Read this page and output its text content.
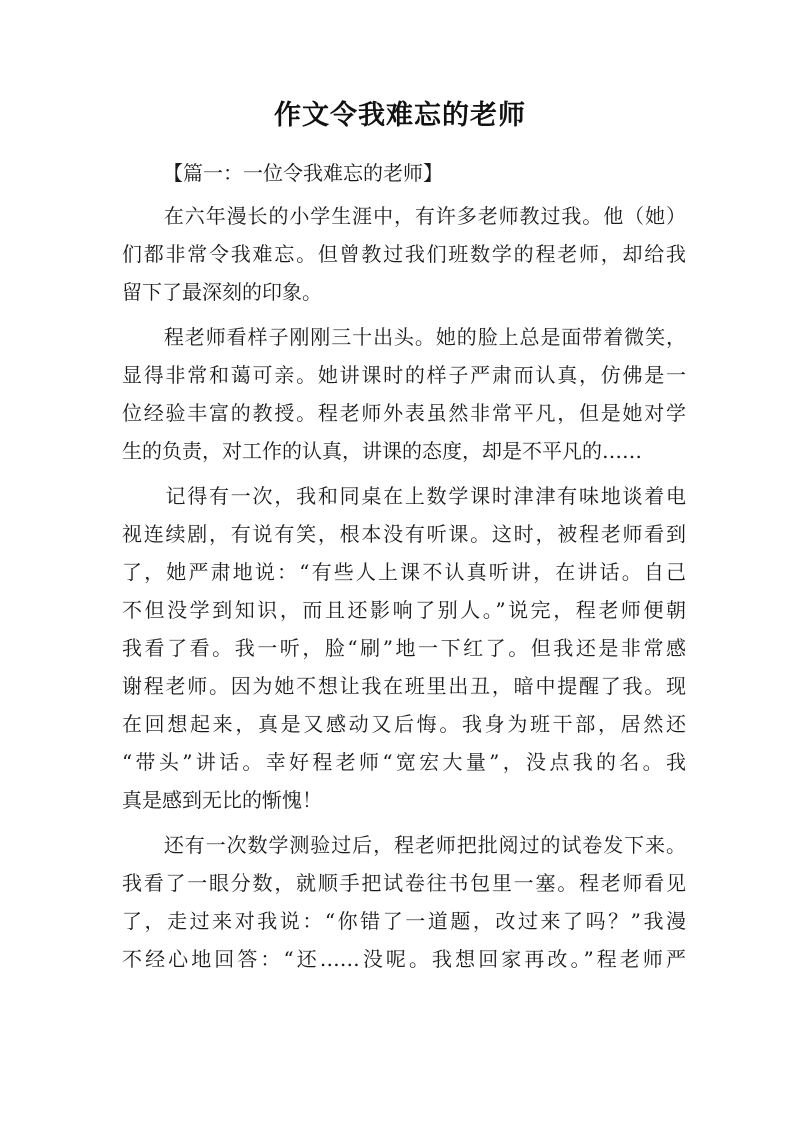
作文令我难忘的老师
【篇一：一位令我难忘的老师】
　　在六年漫长的小学生涯中，有许多老师教过我。他（她）
们都非常令我难忘。但曾教过我们班数学的程老师，却给我
留下了最深刻的印象。
　　程老师看样子刚刚三十出头。她的脸上总是面带着微笑，
显得非常和蔼可亲。她讲课时的样子严肃而认真，仿佛是一
位经验丰富的教授。程老师外表虽然非常平凡，但是她对学
生的负责，对工作的认真，讲课的态度，却是不平凡的……
　　记得有一次，我和同桌在上数学课时津津有味地谈着电
视连续剧，有说有笑，根本没有听课。这时，被程老师看到
了，她严肃地说：“有些人上课不认真听讲，在讲话。自己
不但没学到知识，而且还影响了别人。”说完，程老师便朝
我看了看。我一听，脸“刷”地一下红了。但我还是非常感
谢程老师。因为她不想让我在班里出丑，暗中提醒了我。现
在回想起来，真是又感动又后悔。我身为班干部，居然还
“带头”讲话。幸好程老师“宽宏大量”，没点我的名。我
真是感到无比的惭愧！
　　还有一次数学测验过后，程老师把批阅过的试卷发下来。
我看了一眼分数，就顺手把试卷往书包里一塞。程老师看见
了，走过来对我说：“你错了一道题，改过来了吗？”我漫
不经心地回答：“还……没呢。我想回家再改。”程老师严
